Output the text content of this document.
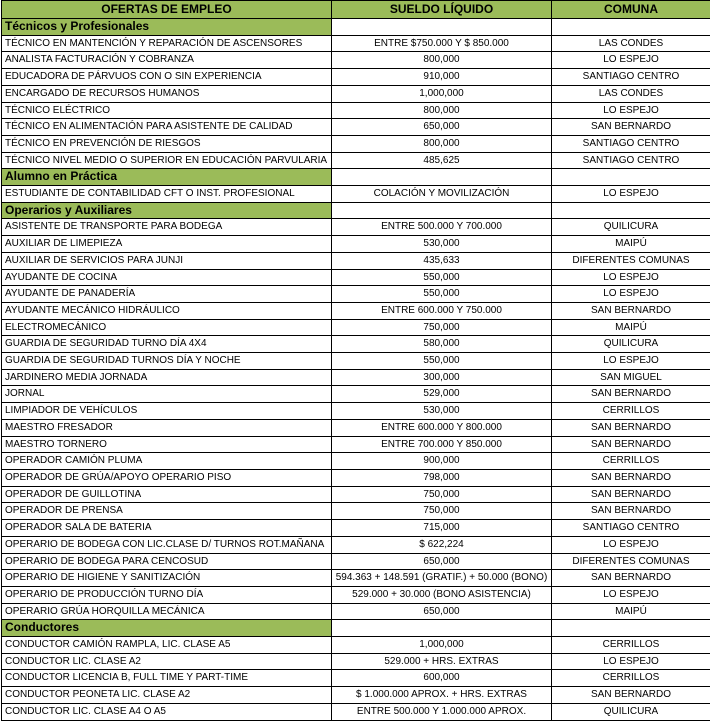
OFERTAS DE EMPLEO	SUELDO LÍQUIDO	COMUNA
Técnicos y Profesionales		
TÉCNICO EN MANTENCIÓN Y REPARACIÓN DE ASCENSORES	ENTRE $750.000 Y $ 850.000	LAS CONDES
ANALISTA FACTURACIÓN Y COBRANZA	800,000	LO ESPEJO
EDUCADORA DE PÁRVUOS CON O SIN EXPERIENCIA	910,000	SANTIAGO CENTRO
ENCARGADO DE RECURSOS HUMANOS	1,000,000	LAS CONDES
TÉCNICO ELÉCTRICO	800,000	LO ESPEJO
TÉCNICO EN ALIMENTACIÓN PARA ASISTENTE DE CALIDAD	650,000	SAN BERNARDO
TÉCNICO EN PREVENCIÓN DE RIESGOS	800,000	SANTIAGO CENTRO
TÉCNICO NIVEL MEDIO O SUPERIOR EN EDUCACIÓN PARVULARIA	485,625	SANTIAGO CENTRO
Alumno en Práctica		
ESTUDIANTE DE CONTABILIDAD CFT O INST. PROFESIONAL	COLACIÓN Y MOVILIZACIÓN	LO ESPEJO
Operarios y Auxiliares		
ASISTENTE DE TRANSPORTE PARA BODEGA	ENTRE 500.000 Y 700.000	QUILICURA
AUXILIAR DE LIMEPIEZA	530,000	MAIPÚ
AUXILIAR DE SERVICIOS PARA JUNJI	435,633	DIFERENTES COMUNAS
AYUDANTE DE COCINA	550,000	LO ESPEJO
AYUDANTE DE PANADERÍA	550,000	LO ESPEJO
AYUDANTE MECÁNICO HIDRÁULICO	ENTRE 600.000 Y 750.000	SAN BERNARDO
ELECTROMECÁNICO	750,000	MAIPÚ
GUARDIA DE SEGURIDAD TURNO DÍA 4X4	580,000	QUILICURA
GUARDIA DE SEGURIDAD TURNOS DÍA Y NOCHE	550,000	LO ESPEJO
JARDINERO MEDIA JORNADA	300,000	SAN MIGUEL
JORNAL	529,000	SAN BERNARDO
LIMPIADOR DE VEHÍCULOS	530,000	CERRILLOS
MAESTRO FRESADOR	ENTRE 600.000 Y 800.000	SAN BERNARDO
MAESTRO TORNERO	ENTRE 700.000 Y 850.000	SAN BERNARDO
OPERADOR CAMIÓN PLUMA	900,000	CERRILLOS
OPERADOR DE GRÚA/APOYO OPERARIO PISO	798,000	SAN BERNARDO
OPERADOR DE GUILLOTINA	750,000	SAN BERNARDO
OPERADOR DE PRENSA	750,000	SAN BERNARDO
OPERADOR SALA DE BATERIA	715,000	SANTIAGO CENTRO
OPERARIO DE BODEGA CON LIC.CLASE D/ TURNOS ROT.MAÑANA	$ 622,224	LO ESPEJO
OPERARIO DE BODEGA PARA CENCOSUD	650,000	DIFERENTES COMUNAS
OPERARIO DE HIGIENE Y SANITIZACIÓN	594.363 + 148.591 (GRATIF.) + 50.000 (BONO)	SAN BERNARDO
OPERARIO DE PRODUCCIÓN TURNO DÍA	529.000 + 30.000 (BONO ASISTENCIA)	LO ESPEJO
OPERARIO GRÚA HORQUILLA MECÁNICA	650,000	MAIPÚ
Conductores		
CONDUCTOR CAMIÓN RAMPLA, LIC. CLASE A5	1,000,000	CERRILLOS
CONDUCTOR LIC. CLASE A2	529.000 + HRS. EXTRAS	LO ESPEJO
CONDUCTOR LICENCIA B, FULL TIME Y PART-TIME	600,000	CERRILLOS
CONDUCTOR PEONETA LIC. CLASE A2	$ 1.000.000 APROX. + HRS. EXTRAS	SAN BERNARDO
CONDUCTOR LIC. CLASE A4 O A5	ENTRE 500.000 Y 1.000.000 APROX.	QUILICURA
